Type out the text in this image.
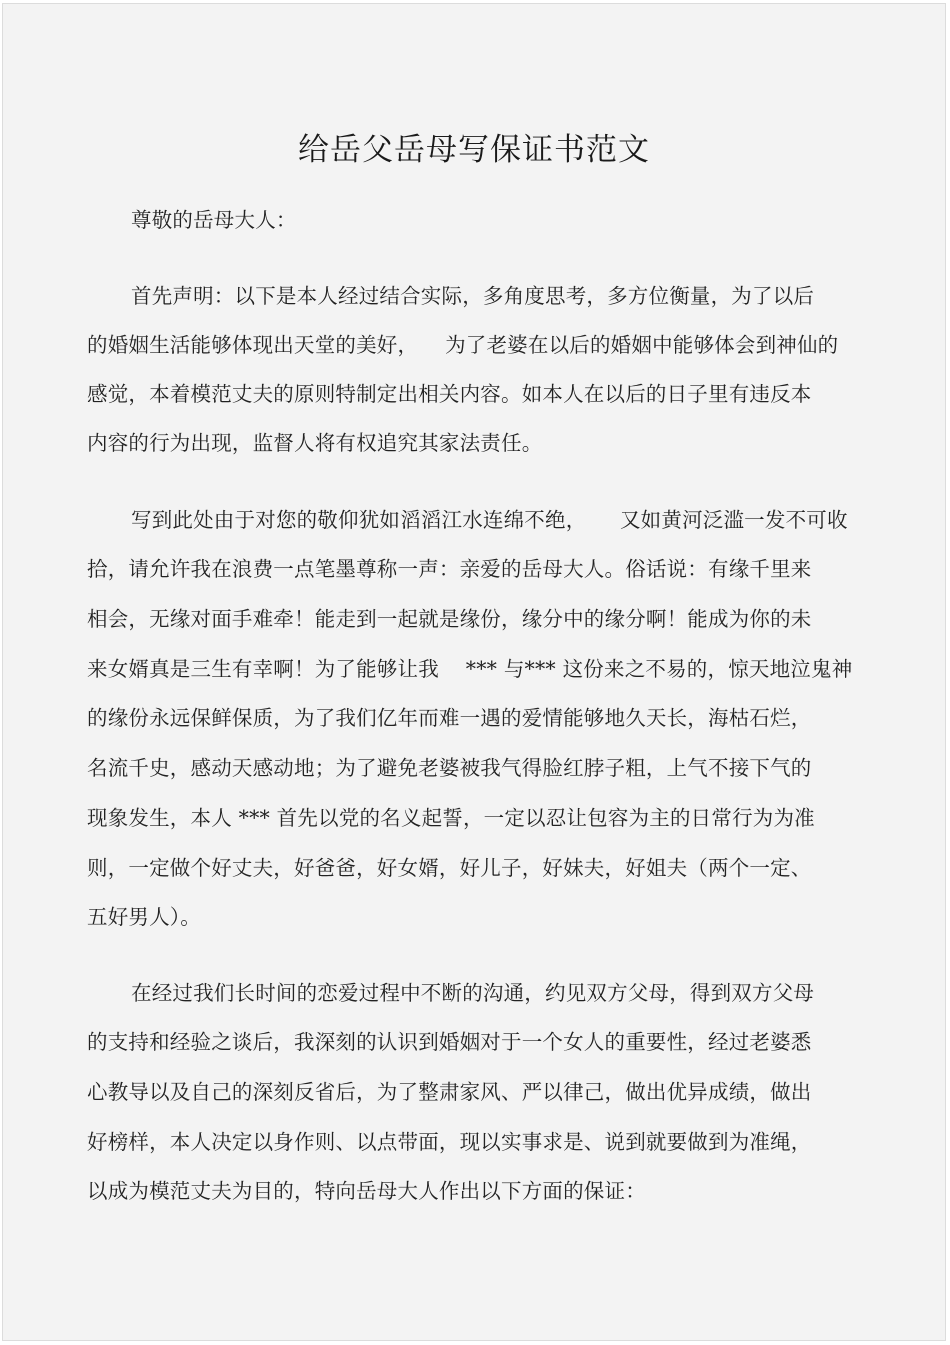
给岳父岳母写保证书范文
尊敬的岳母大人：
首先声明：以下是本人经过结合实际，多角度思考，多方位衡量，为了以后
的婚姻生活能够体现出天堂的美好，    为了老婆在以后的婚姻中能够体会到神仙的
感觉，本着模范丈夫的原则特制定出相关内容。如本人在以后的日子里有违反本
内容的行为出现，监督人将有权追究其家法责任。
写到此处由于对您的敬仰犹如滔滔江水连绵不绝，     又如黄河泛滥一发不可收
拾，请允许我在浪费一点笔墨尊称一声：亲爱的岳母大人。俗话说：有缘千里来
相会，无缘对面手难牵！能走到一起就是缘份，缘分中的缘分啊！能成为你的未
来女婿真是三生有幸啊！为了能够让我    *** 与*** 这份来之不易的，惊天地泣鬼神
的缘份永远保鲜保质，为了我们亿年而难一遇的爱情能够地久天长，海枯石烂，
名流千史，感动天感动地；为了避免老婆被我气得脸红脖子粗，上气不接下气的
现象发生，本人 *** 首先以党的名义起誓，一定以忍让包容为主的日常行为为准
则，一定做个好丈夫，好爸爸，好女婿，好儿子，好妹夫，好姐夫（两个一定、
五好男人）。
在经过我们长时间的恋爱过程中不断的沟通，约见双方父母，得到双方父母
的支持和经验之谈后，我深刻的认识到婚姻对于一个女人的重要性，经过老婆悉
心教导以及自己的深刻反省后，为了整肃家风、严以律己，做出优异成绩，做出
好榜样，本人决定以身作则、以点带面，现以实事求是、说到就要做到为准绳，
以成为模范丈夫为目的，特向岳母大人作出以下方面的保证：
